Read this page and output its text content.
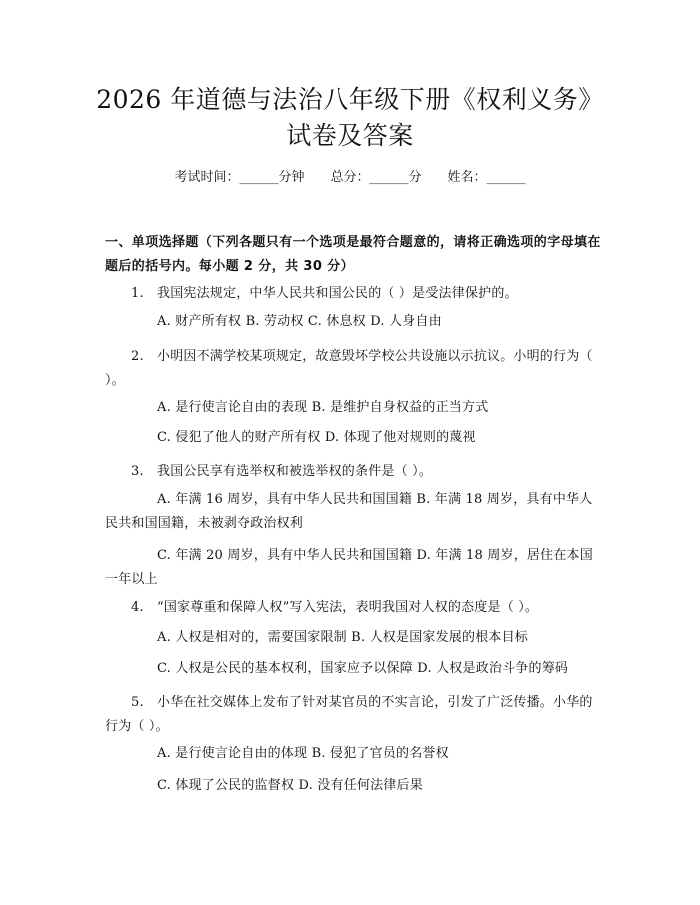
2026 年道德与法治八年级下册《权利义务》
试卷及答案
考试时间：______分钟 总分：______分 姓名：______
一、单项选择题（下列各题只有一个选项是最符合题意的，请将正确选项的字母填在题后的括号内。每小题 2 分，共 30 分）
1. 我国宪法规定，中华人民共和国公民的（ ）是受法律保护的。
A. 财产所有权 B. 劳动权 C. 休息权 D. 人身自由
2. 小明因不满学校某项规定，故意毁坏学校公共设施以示抗议。小明的行为（ ）。
A. 是行使言论自由的表现 B. 是维护自身权益的正当方式
C. 侵犯了他人的财产所有权 D. 体现了他对规则的蔑视
3. 我国公民享有选举权和被选举权的条件是（ ）。
A. 年满 16 周岁，具有中华人民共和国国籍 B. 年满 18 周岁，具有中华人民共和国国籍，未被剥夺政治权利
C. 年满 20 周岁，具有中华人民共和国国籍 D. 年满 18 周岁，居住在本国一年以上
4. “国家尊重和保障人权”写入宪法，表明我国对人权的态度是（ ）。
A. 人权是相对的，需要国家限制 B. 人权是国家发展的根本目标
C. 人权是公民的基本权利，国家应予以保障 D. 人权是政治斗争的筹码
5. 小华在社交媒体上发布了针对某官员的不实言论，引发了广泛传播。小华的行为（ ）。
A. 是行使言论自由的体现 B. 侵犯了官员的名誉权
C. 体现了公民的监督权 D. 没有任何法律后果
